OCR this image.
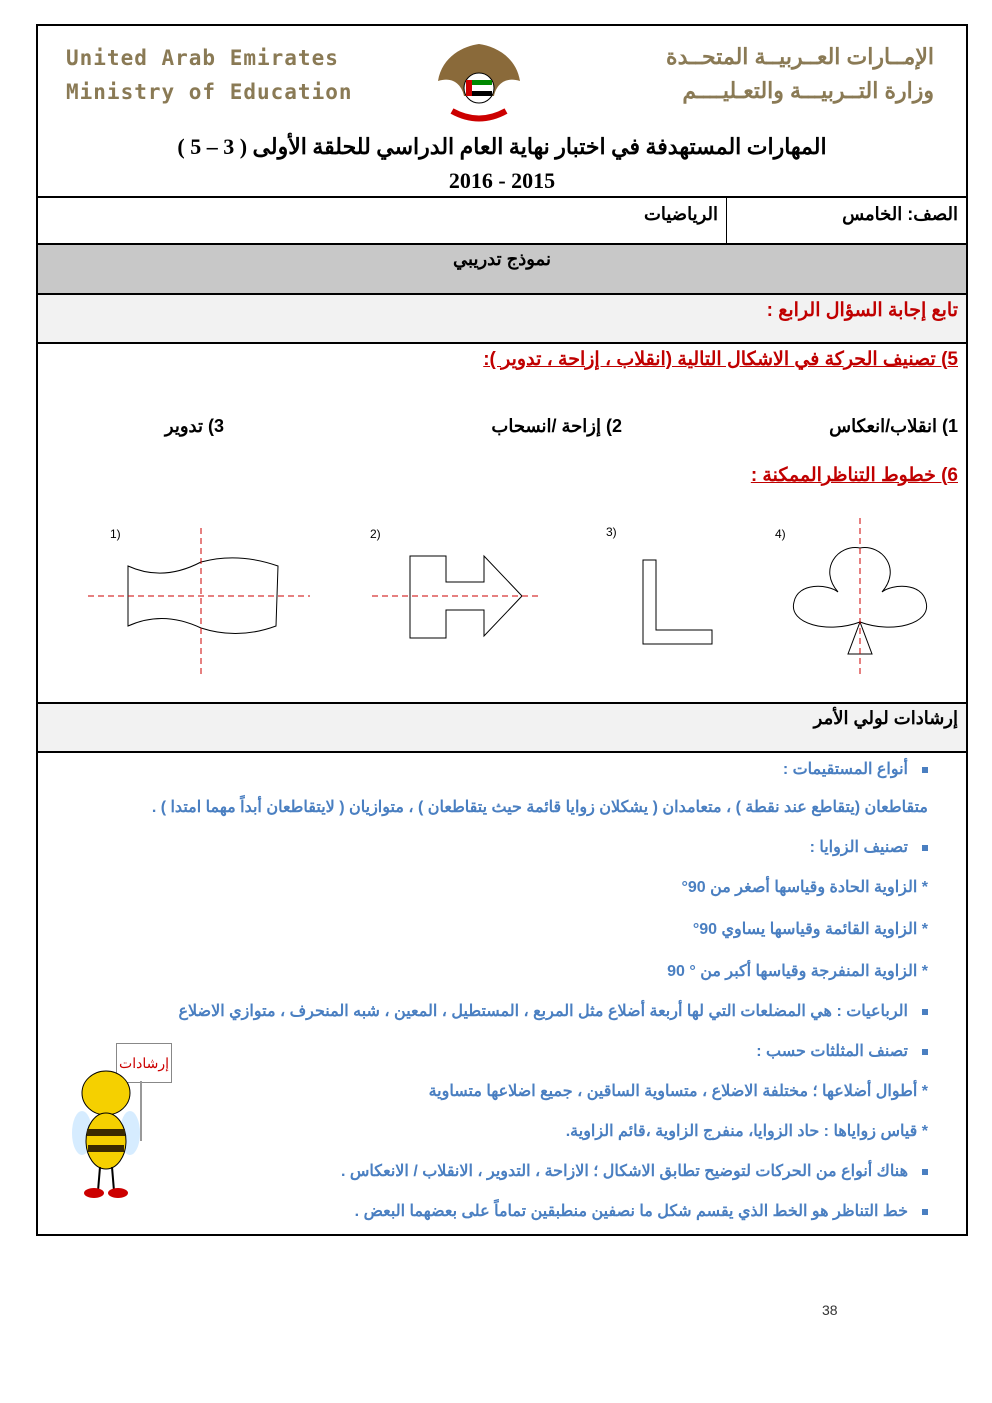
United Arab Emirates
Ministry of Education
الإمــارات العــربيــة المتحــدة
وزارة التــربيـــة والتعـليــــم
المهارات المستهدفة في اختبار نهاية العام الدراسي للحلقة الأولى ( 3 – 5 )
2016 - 2015
الصف: الخامس
الرياضيات
نموذج تدريبي
تابع إجابة السؤال الرابع :
5) تصنيف الحركة في الاشكال التالية (انقلاب ، إزاحة ، تدوير ):
1) انقلاب/انعكاس
2) إزاحة /انسحاب
3) تدوير
6) خطوط التناظرالممكنة :
1)	2)	3)	4)
إرشادات لولي الأمر
أنواع المستقيمات :
متقاطعان (يتقاطع عند نقطة ) ، متعامدان ( يشكلان زوايا قائمة حيث يتقاطعان ) ، متوازيان ( لايتقاطعان أبداً مهما امتدا ) .
تصنيف الزوايا :
* الزاوية الحادة وقياسها أصغر من 90°
* الزاوية القائمة وقياسها يساوي 90°
* الزاوية المنفرجة وقياسها أكبر من ° 90
الرباعيات : هي المضلعات التي لها أربعة أضلاع مثل المربع ، المستطيل ، المعين ، شبه المنحرف ، متوازي الاضلاع
تصنف المثلثات حسب :
* أطوال أضلاعها ؛ مختلفة الاضلاع ، متساوية الساقين ، جميع اضلاعها متساوية
* قياس زواياها : حاد الزوايا، منفرج الزاوية ،قائم الزاوية.
هناك أنواع من الحركات لتوضيح تطابق الاشكال ؛ الازاحة ، التدوير ، الانقلاب / الانعكاس .
خط التناظر هو الخط الذي يقسم شكل ما نصفين منطبقين تماماً على بعضهما البعض .
إرشادات
38
